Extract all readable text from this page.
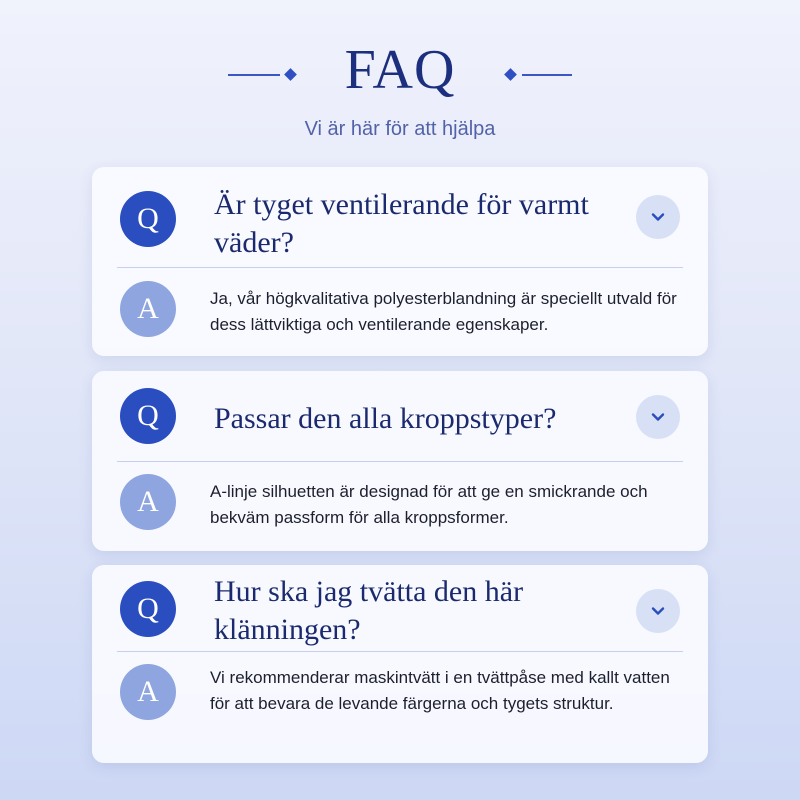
FAQ
Vi är här för att hjälpa
Q	Är tyget ventilerande för varmt väder?
A	Ja, vår högkvalitativa polyesterblandning är speciellt utvald för dess lättviktiga och ventilerande egenskaper.
Q	Passar den alla kroppstyper?
A	A-linje silhuetten är designad för att ge en smickrande och bekväm passform för alla kroppsformer.
Q
Hur ska jag tvätta den här klänningen?
A	Vi rekommenderar maskintvätt i en tvättpåse med kallt vatten för att bevara de levande färgerna och tygets struktur.
